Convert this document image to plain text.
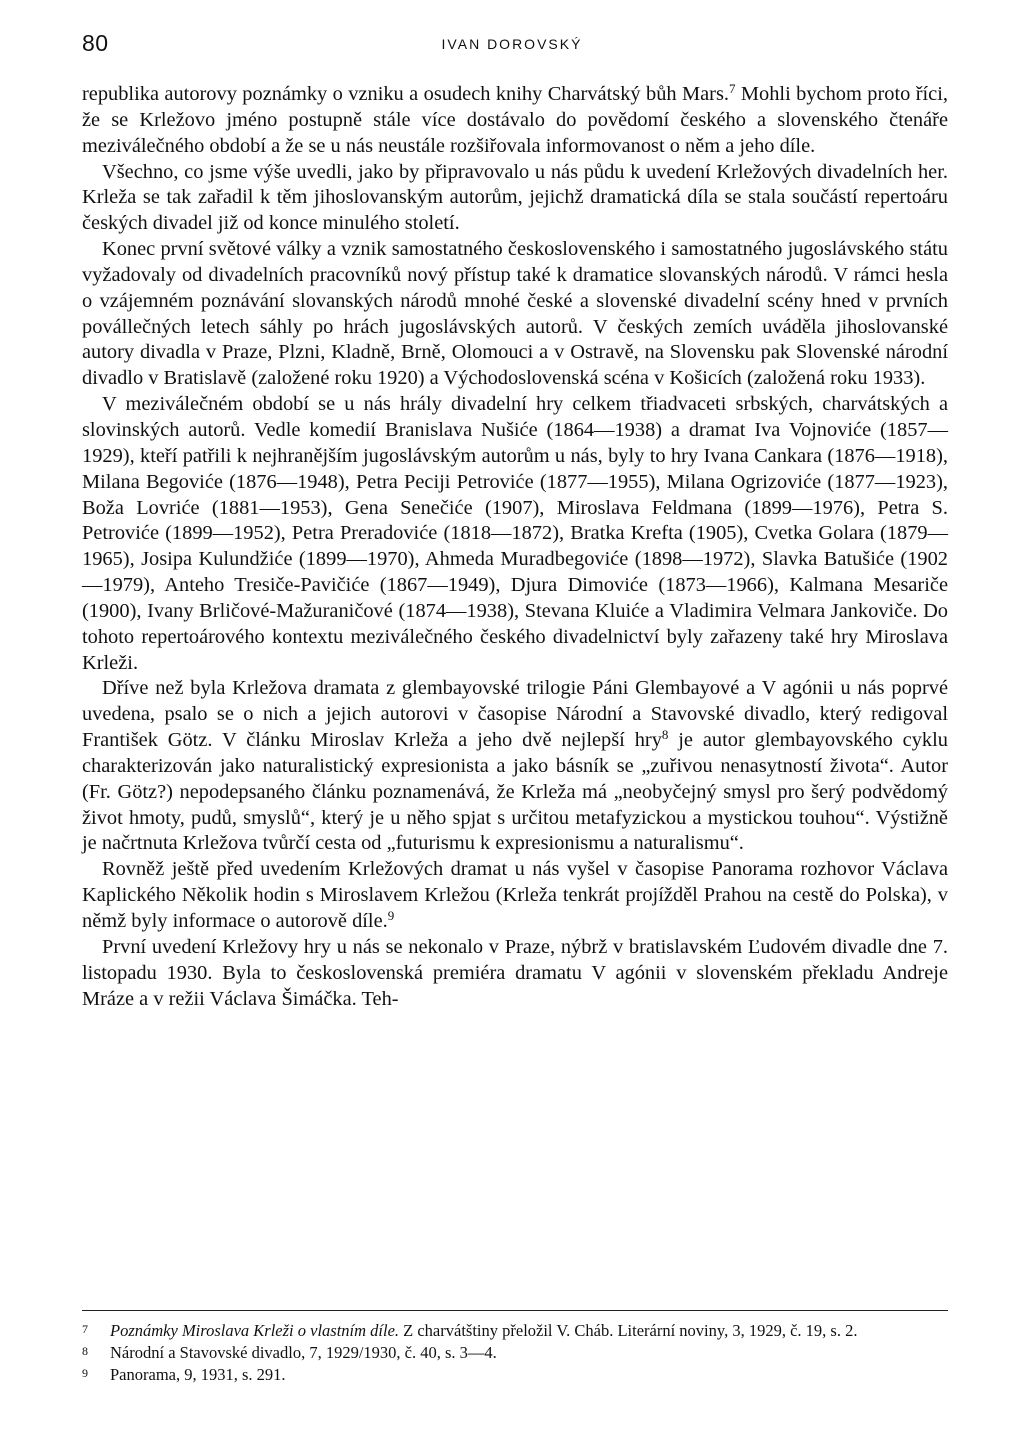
80	IVAN DOROVSKÝ

republika autorovy poznámky o vzniku a osudech knihy Charvátský bůh Mars.$^7$ Mohli bychom proto říci, že se Krležovo jméno postupně stále více dostávalo do povědomí českého a slovenského čtenáře meziválečného období a že se u nás neustále rozšiřovala informovanost o něm a jeho díle.

Všechno, co jsme výše uvedli, jako by připravovalo u nás půdu k uvedení Krležových divadelních her. Krleža se tak zařadil k těm jihoslovanským autorům, jejichž dramatická díla se stala součástí repertoáru českých divadel již od konce minulého století.

Konec první světové války a vznik samostatného československého i samostatného jugoslávského státu vyžadovaly od divadelních pracovníků nový přístup také k dramatice slovanských národů. V rámci hesla o vzájemném poznávání slovanských národů mnohé české a slovenské divadelní scény hned v prvních povállečných letech sáhly po hrách jugoslávských autorů. V českých zemích uváděla jihoslovanské autory divadla v Praze, Plzni, Kladně, Brně, Olomouci a v Ostravě, na Slovensku pak Slovenské národní divadlo v Bratislavě (založené roku 1920) a Východoslovenská scéna v Košicích (založená roku 1933).

V meziválečném období se u nás hrály divadelní hry celkem třiadvaceti srbských, charvátských a slovinských autorů. Vedle komedií Branislava Nušiće (1864—1938) a dramat Iva Vojnoviće (1857—1929), kteří patřili k nejhranějším jugoslávským autorům u nás, byly to hry Ivana Cankara (1876—1918), Milana Begoviće (1876—1948), Petra Peciji Petroviće (1877—1955), Milana Ogrizoviće (1877—1923), Boža Lovriće (1881—1953), Gena Senečiće (1907), Miroslava Feldmana (1899—1976), Petra S. Petroviće (1899—1952), Petra Preradoviće (1818—1872), Bratka Krefta (1905), Cvetka Golara (1879—1965), Josipa Kulundžiće (1899—1970), Ahmeda Muradbegoviće (1898—1972), Slavka Batušiće (1902—1979), Anteho Tresiče-Pavičiće (1867—1949), Djura Dimoviće (1873—1966), Kalmana Mesariče (1900), Ivany Brličové-Mažuraničové (1874—1938), Stevana Kluiće a Vladimira Velmara Jankoviče. Do tohoto repertoárového kontextu meziválečného českého divadelnictví byly zařazeny také hry Miroslava Krleži.

Dříve než byla Krležova dramata z glembayovské trilogie Páni Glembayové a V agónii u nás poprvé uvedena, psalo se o nich a jejich autorovi v časopise Národní a Stavovské divadlo, který redigoval František Götz. V článku Miroslav Krleža a jeho dvě nejlepší hry$^8$ je autor glembayovského cyklu charakterizován jako naturalistický expresionista a jako básník se „zuřivou nenasytností života“. Autor (Fr. Götz?) nepodepsaného článku poznamenává, že Krleža má „neobyčejný smysl pro šerý podvědomý život hmoty, pudů, smyslů“, který je u něho spjat s určitou metafyzickou a mystickou touhou“. Výstižně je načrtnuta Krležova tvůrčí cesta od „futurismu k expresionismu a naturalismu“.

Rovněž ještě před uvedením Krležových dramat u nás vyšel v časopise Panorama rozhovor Václava Kaplického Několik hodin s Miroslavem Krležou (Krleža tenkrát projížděl Prahou na cestě do Polska), v němž byly informace o autorově díle.$^9$

První uvedení Krležovy hry u nás se nekonalo v Praze, nýbrž v bratislavském Ľudovém divadle dne 7. listopadu 1930. Byla to československá premiéra dramatu V agónii v slovenském překladu Andreje Mráze a v režii Václava Šimáčka. Teh-

7 Poznámky Miroslava Krleži o vlastním díle. Z charvátštiny přeložil V. Cháb. Literární noviny, 3, 1929, č. 19, s. 2.
8 Národní a Stavovské divadlo, 7, 1929/1930, č. 40, s. 3—4.
9 Panorama, 9, 1931, s. 291.
